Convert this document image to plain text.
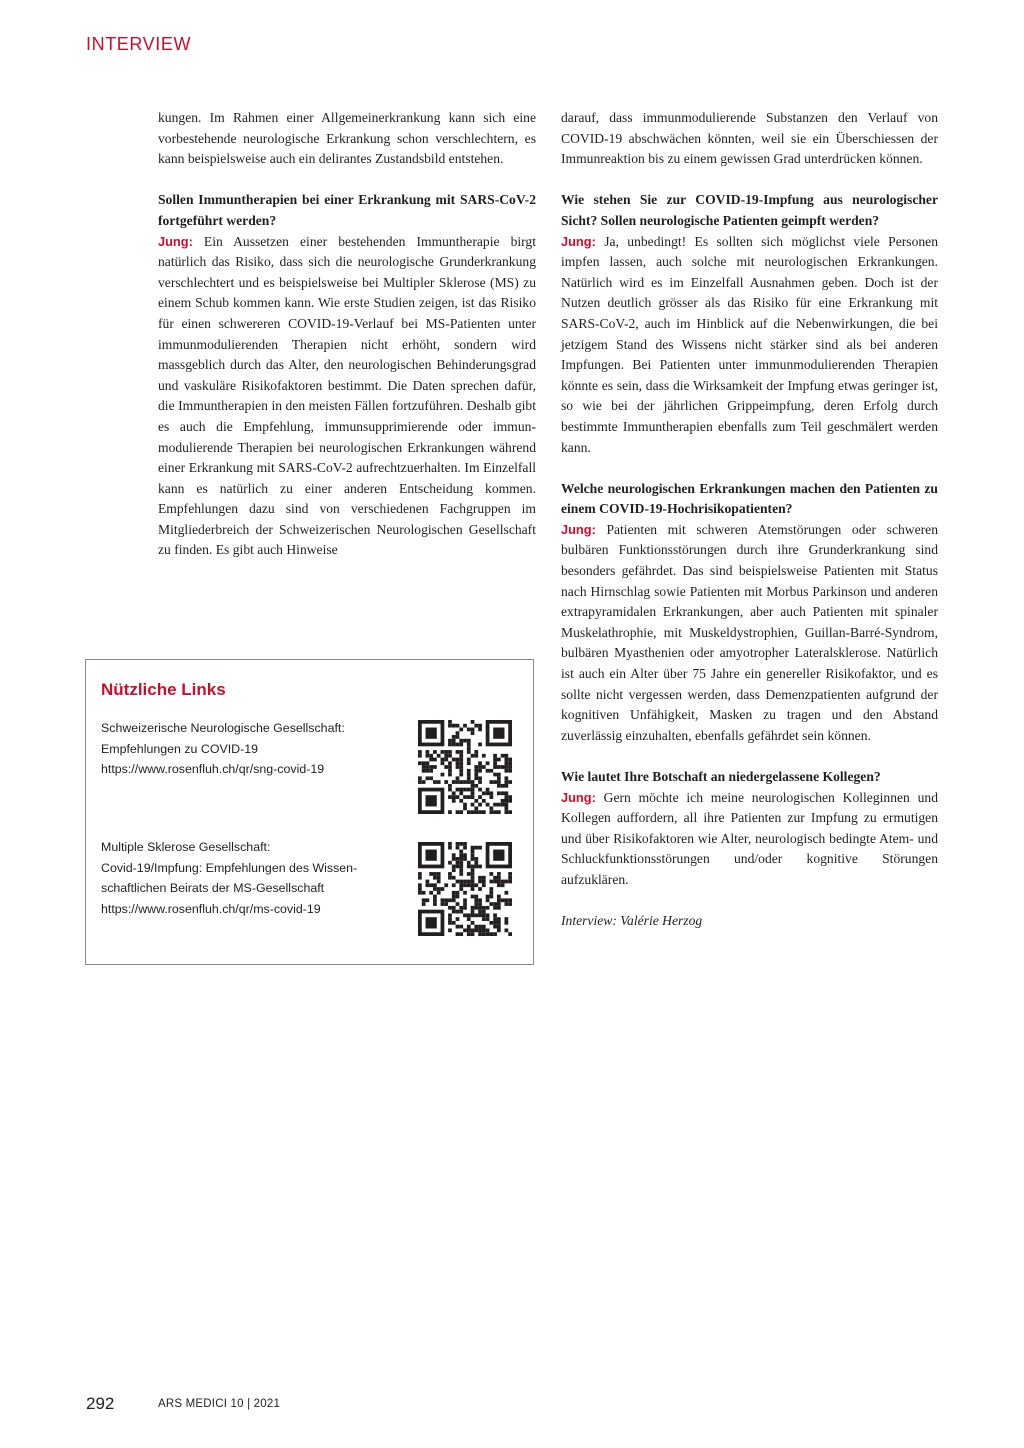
INTERVIEW

kungen. Im Rahmen einer Allgemeinerkrankung kann sich eine vorbestehende neurologische Erkrankung schon verschlechtern, es kann beispielsweise auch ein delirantes Zustandsbild entstehen.

Sollen Immuntherapien bei einer Erkrankung mit SARS-CoV-2 fortgeführt werden?

Jung: Ein Aussetzen einer bestehenden Immuntherapie birgt natürlich das Risiko, dass sich die neurologische Grunderkrankung verschlechtert und es beispielsweise bei Multipler Sklerose (MS) zu einem Schub kommen kann. Wie erste Studien zeigen, ist das Risiko für einen schwereren COVID-19-Verlauf bei MS-Patienten unter immunmodulierenden Therapien nicht erhöht, sondern wird massgeblich durch das Alter, den neurologischen Behinderungsgrad und vaskuläre Risikofaktoren bestimmt. Die Daten sprechen dafür, die Immuntherapien in den meisten Fällen fortzuführen. Deshalb gibt es auch die Empfehlung, immunsupprimierende oder immunmodulierende Therapien bei neurologischen Erkrankungen während einer Erkrankung mit SARS-CoV-2 aufrechtzuerhalten. Im Einzelfall kann es natürlich zu einer anderen Entscheidung kommen. Empfehlungen dazu sind von verschiedenen Fachgruppen im Mitgliederbreich der Schweizerischen Neurologischen Gesellschaft zu finden. Es gibt auch Hinweise

darauf, dass immunmodulierende Substanzen den Verlauf von COVID-19 abschwächen könnten, weil sie ein Überschiessen der Immunreaktion bis zu einem gewissen Grad unterdrücken können.

Wie stehen Sie zur COVID-19-Impfung aus neurologischer Sicht? Sollen neurologische Patienten geimpft werden?

Jung: Ja, unbedingt! Es sollten sich möglichst viele Personen impfen lassen, auch solche mit neurologischen Erkrankungen. Natürlich wird es im Einzelfall Ausnahmen geben. Doch ist der Nutzen deutlich grösser als das Risiko für eine Erkrankung mit SARS-CoV-2, auch im Hinblick auf die Nebenwirkungen, die bei jetzigem Stand des Wissens nicht stärker sind als bei anderen Impfungen. Bei Patienten unter immunmodulierenden Therapien könnte es sein, dass die Wirksamkeit der Impfung etwas geringer ist, so wie bei der jährlichen Grippeimpfung, deren Erfolg durch bestimmte Immuntherapien ebenfalls zum Teil geschmälert werden kann.

Welche neurologischen Erkrankungen machen den Patienten zu einem COVID-19-Hochrisikopatienten?

Jung: Patienten mit schweren Atemstörungen oder schweren bulbären Funktionsstörungen durch ihre Grunderkrankung sind besonders gefährdet. Das sind beispielsweise Patienten mit Status nach Hirnschlag sowie Patienten mit Morbus Parkinson und anderen extrapyramidalen Erkrankungen, aber auch Patienten mit spinaler Muskelathrophie, mit Muskeldystrophien, Guillan-Barré-Syndrom, bulbären Myasthenien oder amyotropher Lateralsklerose. Natürlich ist auch ein Alter über 75 Jahre ein genereller Risikofaktor, und es sollte nicht vergessen werden, dass Demenzpatienten aufgrund der kognitiven Unfähigkeit, Masken zu tragen und den Abstand zuverlässig einzuhalten, ebenfalls gefährdet sein können.

Wie lautet Ihre Botschaft an niedergelassene Kollegen?

Jung: Gern möchte ich meine neurologischen Kolleginnen und Kollegen auffordern, all ihre Patienten zur Impfung zu ermutigen und über Risikofaktoren wie Alter, neurologisch bedingte Atem- und Schluckfunktionsstörungen und/oder kognitive Störungen aufzuklären.

Interview: Valérie Herzog

Nützliche Links
Schweizerische Neurologische Gesellschaft:
Empfehlungen zu COVID-19
https://www.rosenfluh.ch/qr/sng-covid-19
Multiple Sklerose Gesellschaft:
Covid-19/Impfung: Empfehlungen des Wissen-
schaftlichen Beirats der MS-Gesellschaft
https://www.rosenfluh.ch/qr/ms-covid-19
292	ARS MEDICI 10 | 2021
